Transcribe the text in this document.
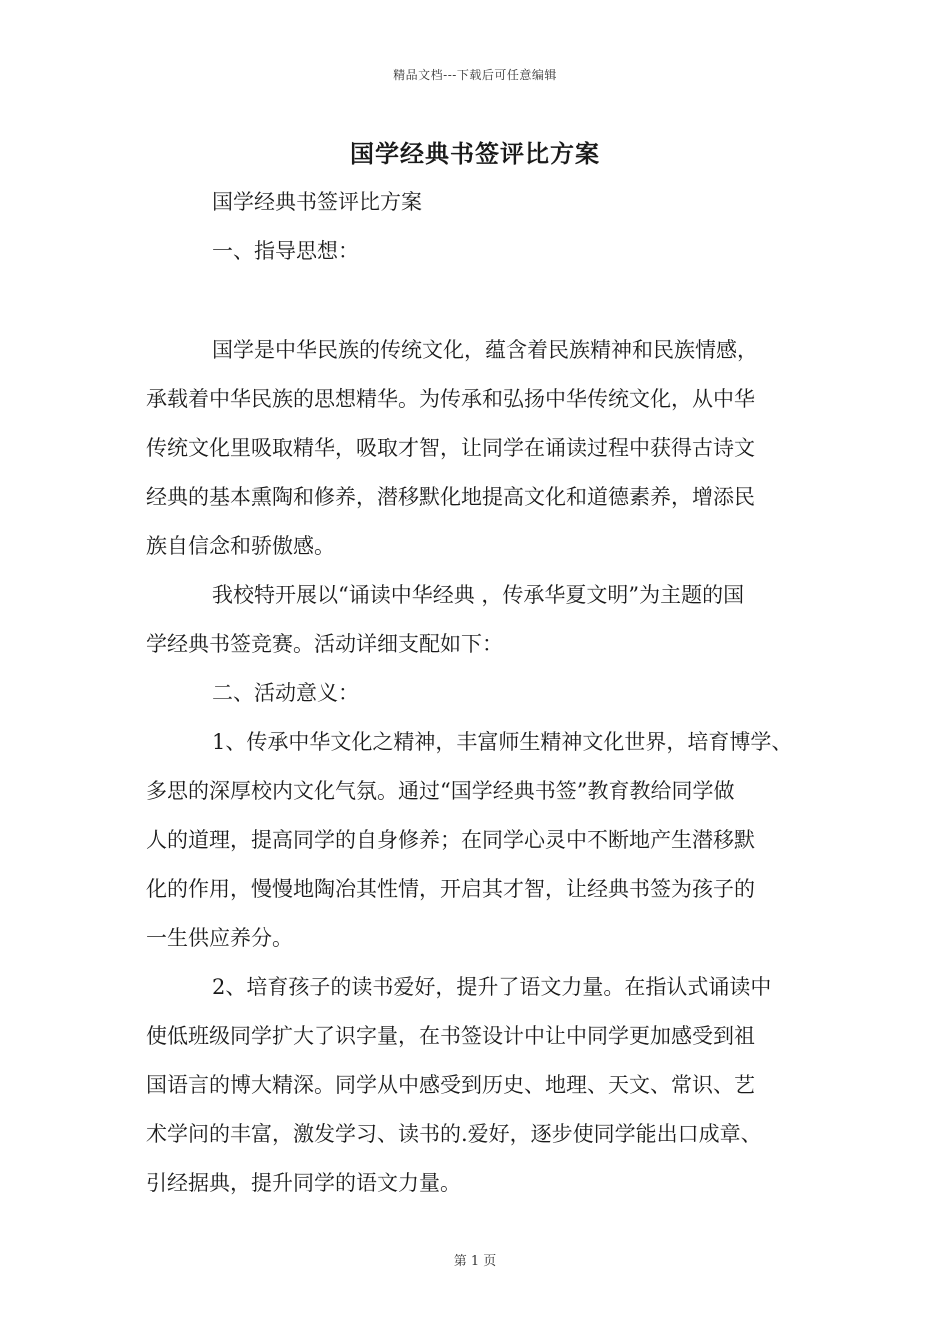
精品文档---下载后可任意编辑
国学经典书签评比方案
国学经典书签评比方案
一、指导思想：
国学是中华民族的传统文化，蕴含着民族精神和民族情感，
承载着中华民族的思想精华。为传承和弘扬中华传统文化，从中华
传统文化里吸取精华，吸取才智，让同学在诵读过程中获得古诗文
经典的基本熏陶和修养，潜移默化地提高文化和道德素养，增添民
族自信念和骄傲感。
我校特开展以“诵读中华经典 ，传承华夏文明”为主题的国
学经典书签竞赛。活动详细支配如下：
二、活动意义：
1、传承中华文化之精神，丰富师生精神文化世界，培育博学、
多思的深厚校内文化气氛。通过“国学经典书签”教育教给同学做
人的道理，提高同学的自身修养；在同学心灵中不断地产生潜移默
化的作用，慢慢地陶冶其性情，开启其才智，让经典书签为孩子的
一生供应养分。
2、培育孩子的读书爱好，提升了语文力量。在指认式诵读中
使低班级同学扩大了识字量，在书签设计中让中同学更加感受到祖
国语言的博大精深。同学从中感受到历史、地理、天文、常识、艺
术学问的丰富，激发学习、读书的.爱好，逐步使同学能出口成章、
引经据典，提升同学的语文力量。
第 1 页
